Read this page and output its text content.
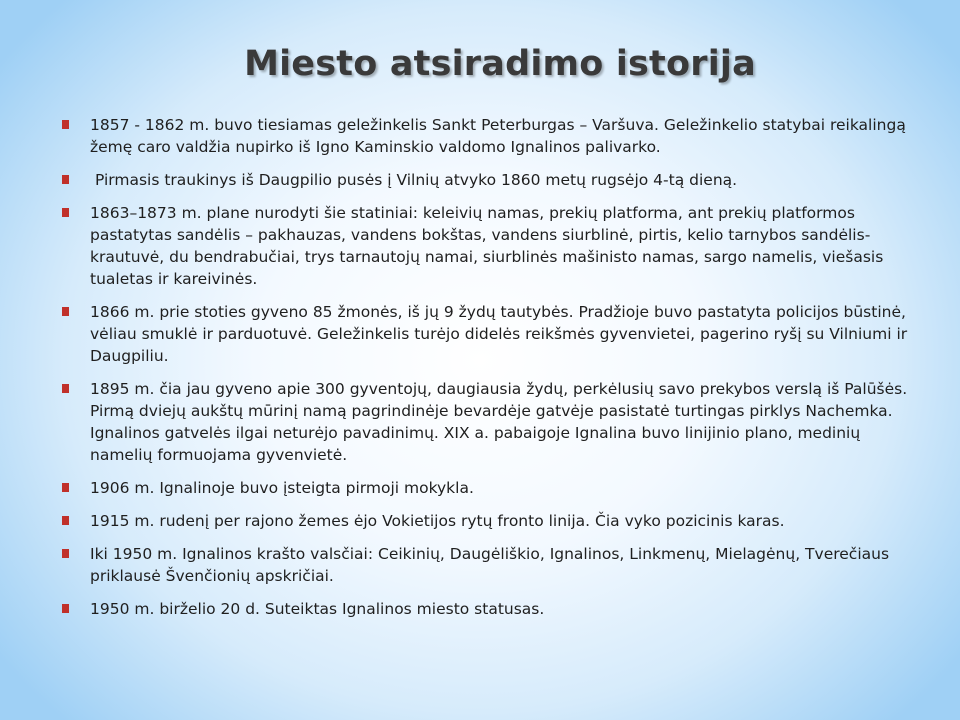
Miesto atsiradimo istorija
1857 - 1862 m. buvo tiesiamas geležinkelis Sankt Peterburgas – Varšuva. Geležinkelio statybai reikalingą žemę caro valdžia nupirko iš Igno Kaminskio valdomo Ignalinos palivarko.
Pirmasis traukinys iš Daugpilio pusės į Vilnių atvyko 1860 metų rugsėjo 4-tą dieną.
1863–1873 m. plane nurodyti šie statiniai: keleivių namas, prekių platforma, ant prekių platformos pastatytas sandėlis – pakhauzas, vandens bokštas, vandens siurblinė, pirtis, kelio tarnybos sandėlis-krautuvė, du bendrabučiai, trys tarnautojų namai, siurblinės mašinisto namas, sargo namelis, viešasis tualetas ir kareivinės.
1866 m. prie stoties gyveno 85 žmonės, iš jų 9 žydų tautybės. Pradžioje buvo pastatyta policijos būstinė, vėliau smuklė ir parduotuvė. Geležinkelis turėjo didelės reikšmės gyvenvietei, pagerino ryšį su Vilniumi ir Daugpiliu.
1895 m. čia jau gyveno apie 300 gyventojų, daugiausia žydų, perkėlusių savo prekybos verslą iš Palūšės. Pirmą dviejų aukštų mūrinį namą pagrindinėje bevardėje gatvėje pasistatė turtingas pirklys Nachemka. Ignalinos gatvelės ilgai neturėjo pavadinimų. XIX a. pabaigoje Ignalina buvo linijinio plano, medinių namelių formuojama gyvenvietė.
1906 m. Ignalinoje buvo įsteigta pirmoji mokykla.
1915 m. rudenį per rajono žemes ėjo Vokietijos rytų fronto linija. Čia vyko pozicinis karas.
Iki 1950 m. Ignalinos krašto valsčiai: Ceikinių, Daugėliškio, Ignalinos, Linkmenų, Mielagėnų, Tverečiaus priklausė Švenčionių apskričiai.
1950 m. birželio 20 d. Suteiktas Ignalinos miesto statusas.
